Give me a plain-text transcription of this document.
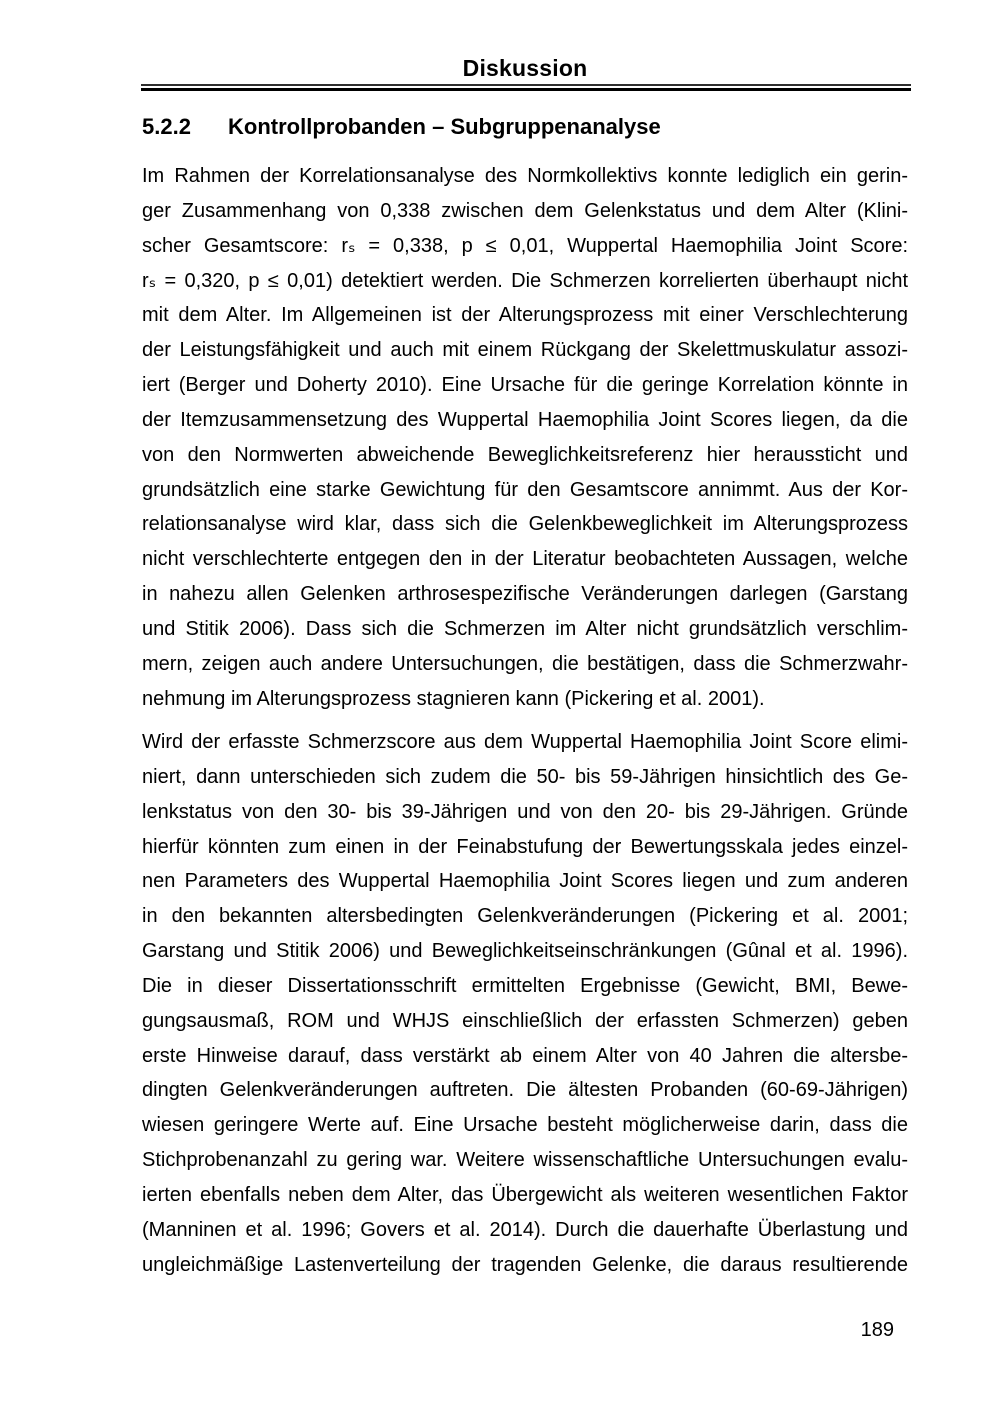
Diskussion
5.2.2	Kontrollprobanden – Subgruppenanalyse
Im Rahmen der Korrelationsanalyse des Normkollektivs konnte lediglich ein gerin-
ger Zusammenhang von 0,338 zwischen dem Gelenkstatus und dem Alter (Klini-
scher Gesamtscore: rₛ = 0,338, p ≤ 0,01, Wuppertal Haemophilia Joint Score:
rₛ = 0,320, p ≤ 0,01) detektiert werden. Die Schmerzen korrelierten überhaupt nicht
mit dem Alter. Im Allgemeinen ist der Alterungsprozess mit einer Verschlechterung
der Leistungsfähigkeit und auch mit einem Rückgang der Skelettmuskulatur assozi-
iert (Berger und Doherty 2010). Eine Ursache für die geringe Korrelation könnte in
der Itemzusammensetzung des Wuppertal Haemophilia Joint Scores liegen, da die
von den Normwerten abweichende Beweglichkeitsreferenz hier heraussticht und
grundsätzlich eine starke Gewichtung für den Gesamtscore annimmt. Aus der Kor-
relationsanalyse wird klar, dass sich die Gelenkbeweglichkeit im Alterungsprozess
nicht verschlechterte entgegen den in der Literatur beobachteten Aussagen, welche
in nahezu allen Gelenken arthrosespezifische Veränderungen darlegen (Garstang
und Stitik 2006). Dass sich die Schmerzen im Alter nicht grundsätzlich verschlim-
mern, zeigen auch andere Untersuchungen, die bestätigen, dass die Schmerzwahr-
nehmung im Alterungsprozess stagnieren kann (Pickering et al. 2001).
Wird der erfasste Schmerzscore aus dem Wuppertal Haemophilia Joint Score elimi-
niert, dann unterschieden sich zudem die 50- bis 59-Jährigen hinsichtlich des Ge-
lenkstatus von den 30- bis 39-Jährigen und von den 20- bis 29-Jährigen. Gründe
hierfür könnten zum einen in der Feinabstufung der Bewertungsskala jedes einzel-
nen Parameters des Wuppertal Haemophilia Joint Scores liegen und zum anderen
in den bekannten altersbedingten Gelenkveränderungen (Pickering et al. 2001;
Garstang und Stitik 2006) und Beweglichkeitseinschränkungen (Gûnal et al. 1996).
Die in dieser Dissertationsschrift ermittelten Ergebnisse (Gewicht, BMI, Bewe-
gungsausmaß, ROM und WHJS einschließlich der erfassten Schmerzen) geben
erste Hinweise darauf, dass verstärkt ab einem Alter von 40 Jahren die altersbe-
dingten Gelenkveränderungen auftreten. Die ältesten Probanden (60-69-Jährigen)
wiesen geringere Werte auf. Eine Ursache besteht möglicherweise darin, dass die
Stichprobenanzahl zu gering war. Weitere wissenschaftliche Untersuchungen evalu-
ierten ebenfalls neben dem Alter, das Übergewicht als weiteren wesentlichen Faktor
(Manninen et al. 1996; Govers et al. 2014). Durch die dauerhafte Überlastung und
ungleichmäßige Lastenverteilung der tragenden Gelenke, die daraus resultierende
189
